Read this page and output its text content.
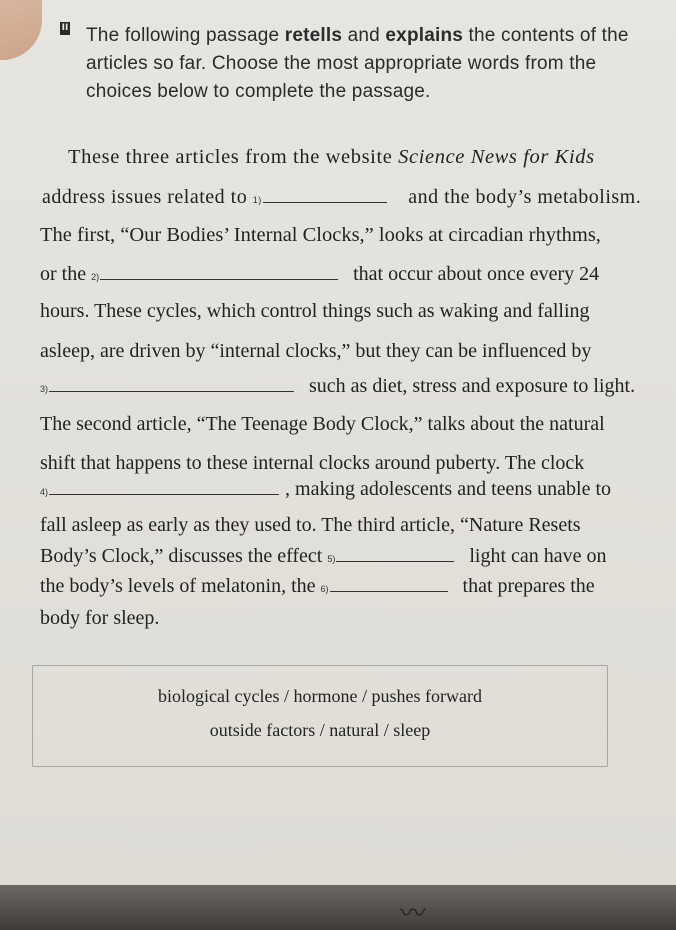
II The following passage retells and explains the contents of the articles so far. Choose the most appropriate words from the choices below to complete the passage.
These three articles from the website Science News for Kids
address issues related to 1)	and the body’s metabolism.
The first, “Our Bodies’ Internal Clocks,” looks at circadian rhythms,
or the 2)	that occur about once every 24
hours. These cycles, which control things such as waking and falling
asleep, are driven by “internal clocks,” but they can be influenced by
3)	such as diet, stress and exposure to light.
The second article, “The Teenage Body Clock,” talks about the natural
shift that happens to these internal clocks around puberty. The clock
4)	, making adolescents and teens unable to
fall asleep as early as they used to. The third article, “Nature Resets
Body’s Clock,” discusses the effect 5)	light can have on
the body’s levels of melatonin, the 6)	that prepares the
body for sleep.
biological cycles / hormone / pushes forward
outside factors / natural / sleep
〰
